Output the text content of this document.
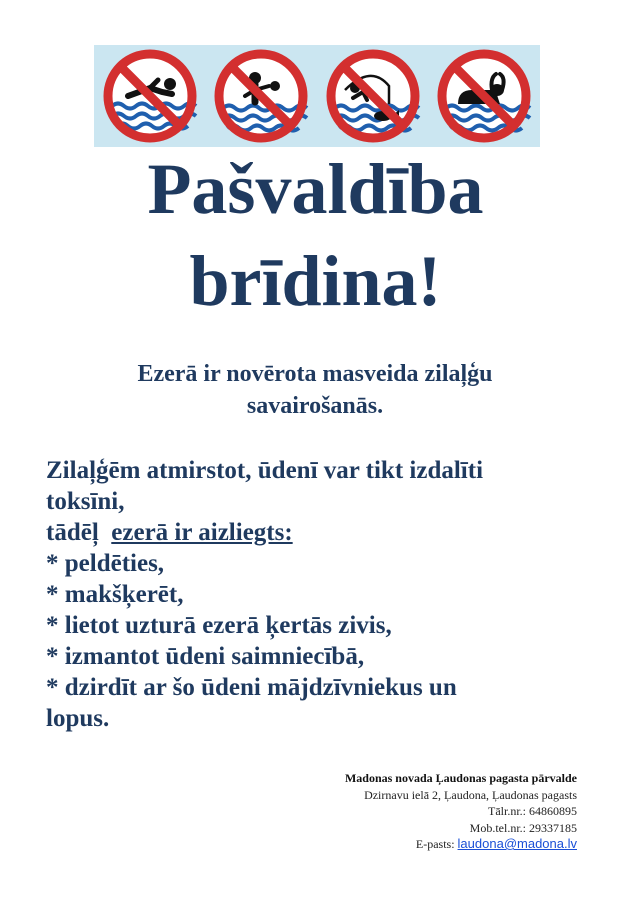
Pašvaldība
brīdina!
Ezerā ir novērota masveida zilaļģu
savairošanās.

Zilaļģēm atmirstot, ūdenī var tikt izdalīti

toksīni,

tādēļ  ezerā ir aizliegts:

* peldēties,

* makšķerēt,

* lietot uzturā ezerā ķertās zivis,

* izmantot ūdeni saimniecībā,

* dzirdīt ar šo ūdeni mājdzīvniekus un

lopus.

Madonas novada Ļaudonas pagasta pārvalde
Dzirnavu ielā 2, Ļaudona, Ļaudonas pagasts
Tālr.nr.: 64860895
Mob.tel.nr.: 29337185
E-pasts: laudona@madona.lv
